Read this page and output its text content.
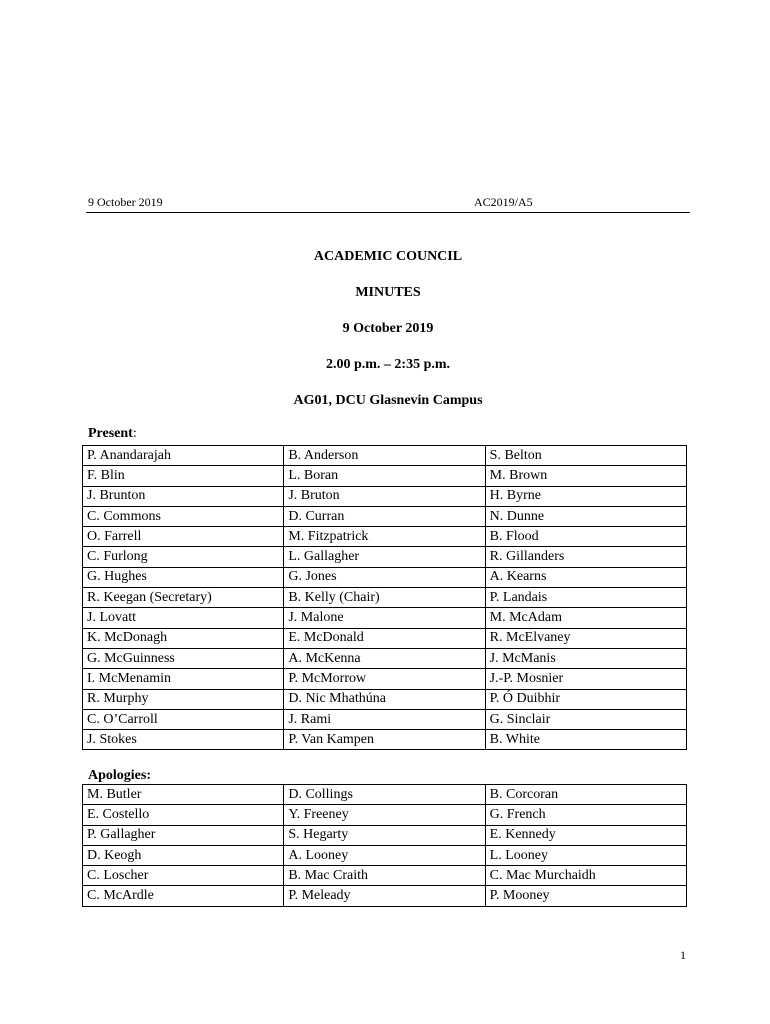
9 October 2019	AC2019/A5
ACADEMIC COUNCIL
MINUTES
9 October 2019
2.00 p.m. – 2:35 p.m.
AG01, DCU Glasnevin Campus
Present:
P. Anandarajah	B. Anderson	S. Belton
F. Blin	L. Boran	M. Brown
J. Brunton	J. Bruton	H. Byrne
C. Commons	D. Curran	N. Dunne
O. Farrell	M. Fitzpatrick	B. Flood
C. Furlong	L. Gallagher	R. Gillanders
G. Hughes	G. Jones	A. Kearns
R. Keegan (Secretary)	B. Kelly (Chair)	P. Landais
J. Lovatt	J. Malone	M. McAdam
K. McDonagh	E. McDonald	R. McElvaney
G. McGuinness	A. McKenna	J. McManis
I. McMenamin	P. McMorrow	J.-P. Mosnier
R. Murphy	D. Nic Mhathúna	P. Ó Duibhir
C. O’Carroll	J. Rami	G. Sinclair
J. Stokes	P. Van Kampen	B. White
Apologies:
M. Butler	D. Collings	B. Corcoran
E. Costello	Y. Freeney	G. French
P. Gallagher	S. Hegarty	E. Kennedy
D. Keogh	A. Looney	L. Looney
C. Loscher	B. Mac Craith	C. Mac Murchaidh
C. McArdle	P. Meleady	P. Mooney
1
